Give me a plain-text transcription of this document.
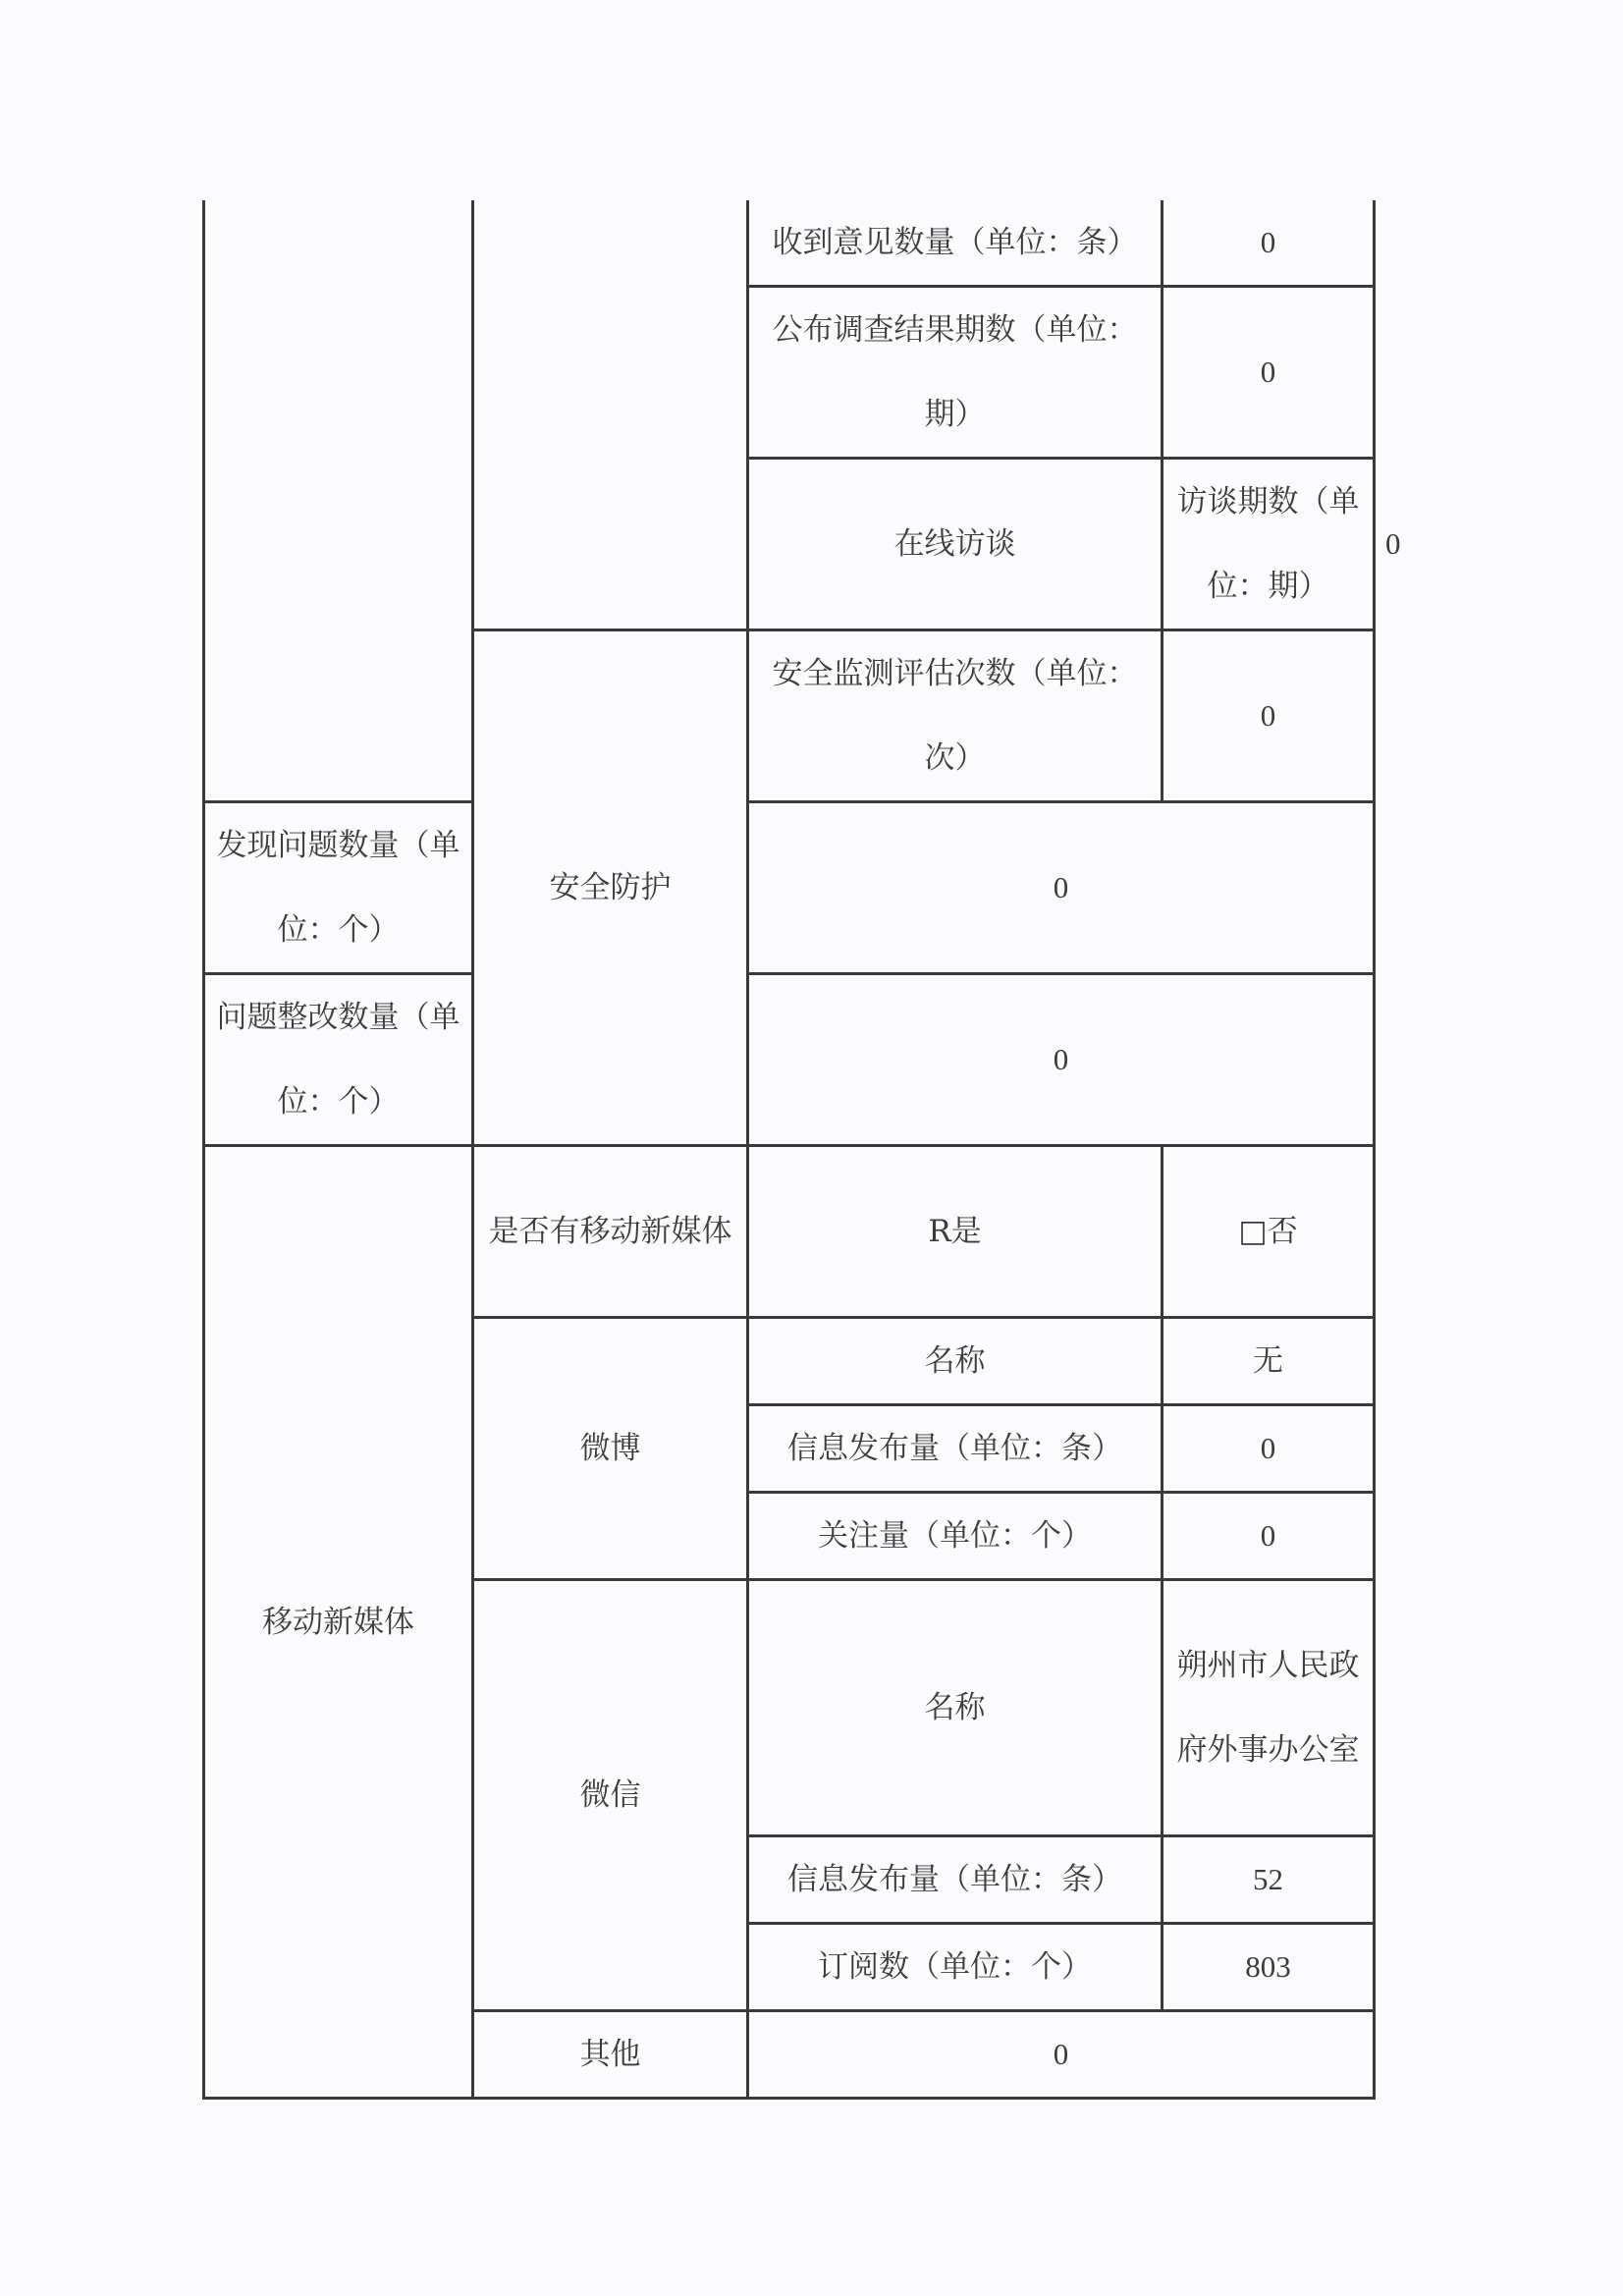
		收到意见数量（单位：条）	0	
		公布调查结果期数（单位：期）	0	
		在线访谈	访谈期数（单位：期）	0
	安全防护	安全监测评估次数（单位：次）	0	
发现问题数量（单位：个）		0		
问题整改数量（单位：个）		0		
移动新媒体	是否有移动新媒体	R是	□否	
	微博	名称	无	
		信息发布量（单位：条）	0	
		关注量（单位：个）	0	
	微信	名称	朔州市人民政府外事办公室	
		信息发布量（单位：条）	52	
		订阅数（单位：个）	803	
	其他	0		
